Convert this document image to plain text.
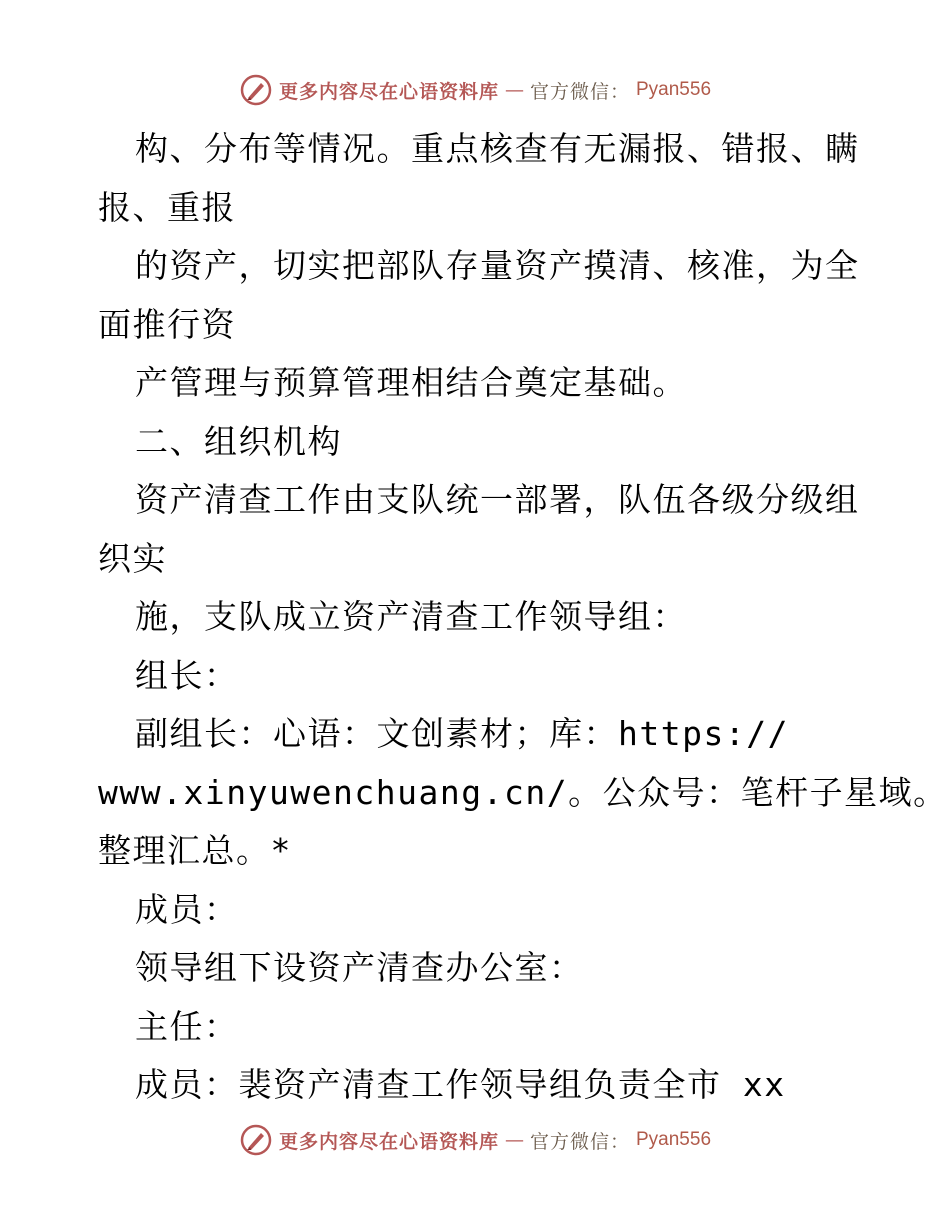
更多内容尽在心语资料库 — 官方微信： Pyan556
构、分布等情况。重点核查有无漏报、错报、瞒
报、重报
的资产，切实把部队存量资产摸清、核准，为全
面推行资
产管理与预算管理相结合奠定基础。
二、组织机构
资产清查工作由支队统一部署，队伍各级分级组
织实
施，支队成立资产清查工作领导组：
组长：
副组长：心语：文创素材；库：https://
www.xinyuwenchuang.cn/。公众号：笔杆子星域。
整理汇总。*
成员：
领导组下设资产清查办公室：
主任：
成员：裴资产清查工作领导组负责全市 xx
更多内容尽在心语资料库 — 官方微信： Pyan556
